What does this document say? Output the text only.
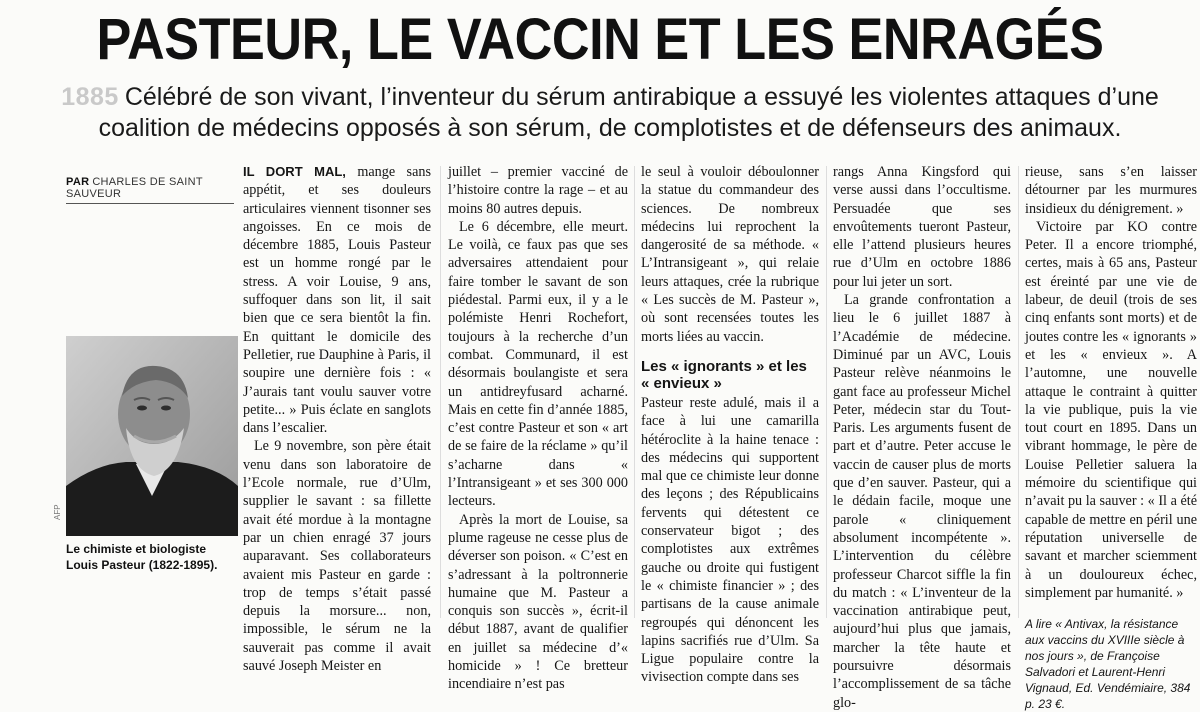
PASTEUR, LE VACCIN ET LES ENRAGÉS

1885 Célébré de son vivant, l’inventeur du sérum antirabique a essuyé les violentes attaques d’une coalition de médecins opposés à son sérum, de complotistes et de défenseurs des animaux.

PAR CHARLES DE SAINT SAUVEUR
AFP

Le chimiste et biologiste Louis Pasteur (1822-1895).

IL DORT MAL, mange sans appétit, et ses douleurs articulaires viennent tisonner ses angoisses. En ce mois de décembre 1885, Louis Pasteur est un homme rongé par le stress. A voir Louise, 9 ans, suffoquer dans son lit, il sait bien que ce sera bientôt la fin. En quittant le domicile des Pelletier, rue Dauphine à Paris, il soupire une dernière fois : « J’aurais tant voulu sauver votre petite... » Puis éclate en sanglots dans l’escalier.

Le 9 novembre, son père était venu dans son laboratoire de l’Ecole normale, rue d’Ulm, supplier le savant : sa fillette avait été mordue à la montagne par un chien enragé 37 jours auparavant. Ses collaborateurs avaient mis Pasteur en garde : trop de temps s’était passé depuis la morsure... non, impossible, le sérum ne la sauverait pas comme il avait sauvé Joseph Meister en

juillet – premier vacciné de l’histoire contre la rage – et au moins 80 autres depuis.

Le 6 décembre, elle meurt. Le voilà, ce faux pas que ses adversaires attendaient pour faire tomber le savant de son piédestal. Parmi eux, il y a le polémiste Henri Rochefort, toujours à la recherche d’un combat. Communard, il est désormais boulangiste et sera un antidreyfusard acharné. Mais en cette fin d’année 1885, c’est contre Pasteur et son « art de se faire de la réclame » qu’il s’acharne dans « l’Intransigeant » et ses 300 000 lecteurs.

Après la mort de Louise, sa plume rageuse ne cesse plus de déverser son poison. « C’est en s’adressant à la poltronnerie humaine que M. Pasteur a conquis son succès », écrit-il début 1887, avant de qualifier en juillet sa médecine d’« homicide » ! Ce bretteur incendiaire n’est pas

le seul à vouloir déboulonner la statue du commandeur des sciences. De nombreux médecins lui reprochent la dangerosité de sa méthode. « L’Intransigeant », qui relaie leurs attaques, crée la rubrique « Les succès de M. Pasteur », où sont recensées toutes les morts liées au vaccin.

Les « ignorants » et les « envieux »

Pasteur reste adulé, mais il a face à lui une camarilla hétéroclite à la haine tenace : des médecins qui supportent mal que ce chimiste leur donne des leçons ; des Républicains fervents qui détestent ce conservateur bigot ; des complotistes aux extrêmes gauche ou droite qui fustigent le « chimiste financier » ; des partisans de la cause animale regroupés qui dénoncent les lapins sacrifiés rue d’Ulm. Sa Ligue populaire contre la vivisection compte dans ses

rangs Anna Kingsford qui verse aussi dans l’occultisme. Persuadée que ses envoûtements tueront Pasteur, elle l’attend plusieurs heures rue d’Ulm en octobre 1886 pour lui jeter un sort.

La grande confrontation a lieu le 6 juillet 1887 à l’Académie de médecine. Diminué par un AVC, Louis Pasteur relève néanmoins le gant face au professeur Michel Peter, médecin star du Tout-Paris. Les arguments fusent de part et d’autre. Peter accuse le vaccin de causer plus de morts que d’en sauver. Pasteur, qui a le dédain facile, moque une parole « cliniquement absolument incompétente ». L’intervention du célèbre professeur Charcot siffle la fin du match : « L’inventeur de la vaccination antirabique peut, aujourd’hui plus que jamais, marcher la tête haute et poursuivre désormais l’accomplissement de sa tâche glo-

rieuse, sans s’en laisser détourner par les murmures insidieux du dénigrement. »

Victoire par KO contre Peter. Il a encore triomphé, certes, mais à 65 ans, Pasteur est éreinté par une vie de labeur, de deuil (trois de ses cinq enfants sont morts) et de joutes contre les « ignorants » et les « envieux ». A l’automne, une nouvelle attaque le contraint à quitter la vie publique, puis la vie tout court en 1895. Dans un vibrant hommage, le père de Louise Pelletier saluera la mémoire du scientifique qui n’avait pu la sauver : « Il a été capable de mettre en péril une réputation universelle de savant et marcher sciemment à un douloureux échec, simplement par humanité. »

A lire « Antivax, la résistance aux vaccins du XVIIIe siècle à nos jours », de Françoise Salvadori et Laurent-Henri Vignaud, Ed. Vendémiaire, 384 p. 23 €.
